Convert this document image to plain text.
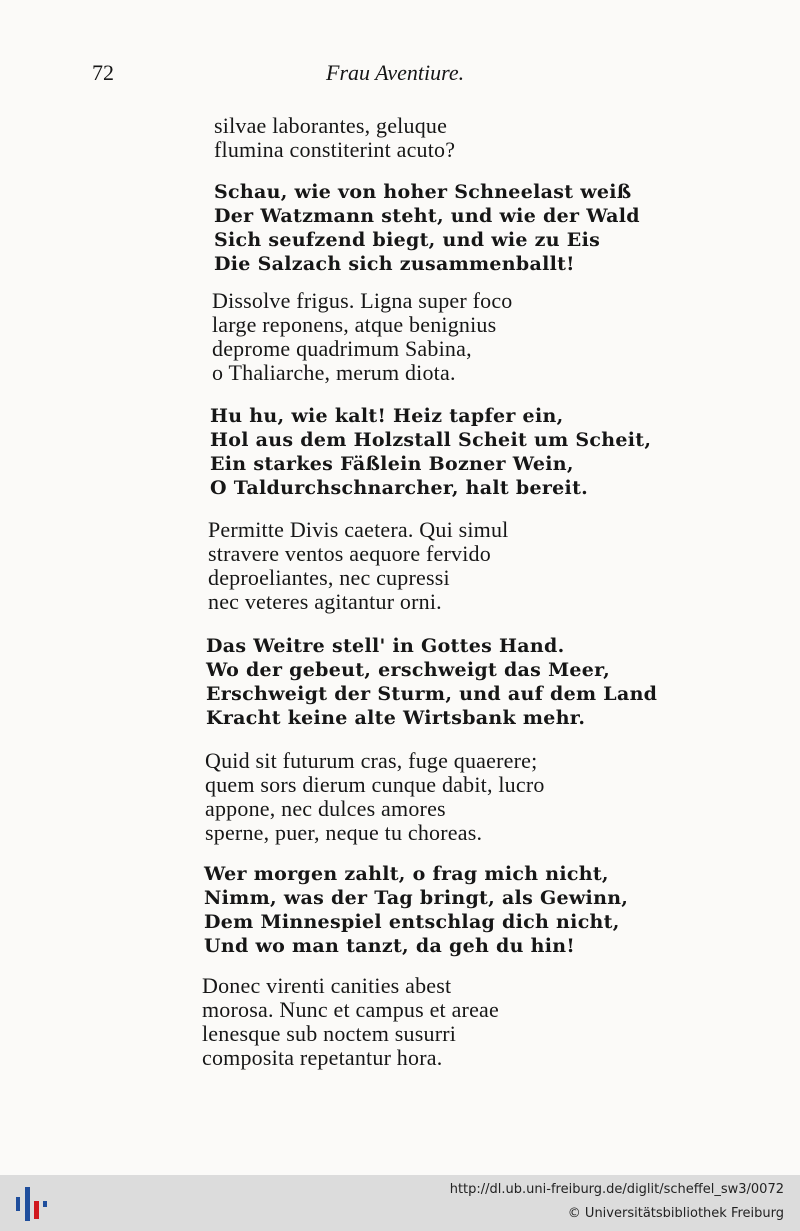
72	Frau Aventiure.
silvae laborantes, geluque
flumina constiterint acuto?
Schau, wie von hoher Schneelast weiß
Der Watzmann steht, und wie der Wald
Sich seufzend biegt, und wie zu Eis
Die Salzach sich zusammenballt!
Dissolve frigus. Ligna super foco
large reponens, atque benignius
deprome quadrimum Sabina,
o Thaliarche, merum diota.
Hu hu, wie kalt! Heiz tapfer ein,
Hol aus dem Holzstall Scheit um Scheit,
Ein starkes Fäßlein Bozner Wein,
O Taldurchschnarcher, halt bereit.
Permitte Divis caetera. Qui simul
stravere ventos aequore fervido
deproeliantes, nec cupressi
nec veteres agitantur orni.
Das Weitre stell' in Gottes Hand.
Wo der gebeut, erschweigt das Meer,
Erschweigt der Sturm, und auf dem Land
Kracht keine alte Wirtsbank mehr.
Quid sit futurum cras, fuge quaerere;
quem sors dierum cunque dabit, lucro
appone, nec dulces amores
sperne, puer, neque tu choreas.
Wer morgen zahlt, o frag mich nicht,
Nimm, was der Tag bringt, als Gewinn,
Dem Minnespiel entschlag dich nicht,
Und wo man tanzt, da geh du hin!
Donec virenti canities abest
morosa. Nunc et campus et areae
lenesque sub noctem susurri
composita repetantur hora.
http://dl.ub.uni-freiburg.de/diglit/scheffel_sw3/0072
© Universitätsbibliothek Freiburg
